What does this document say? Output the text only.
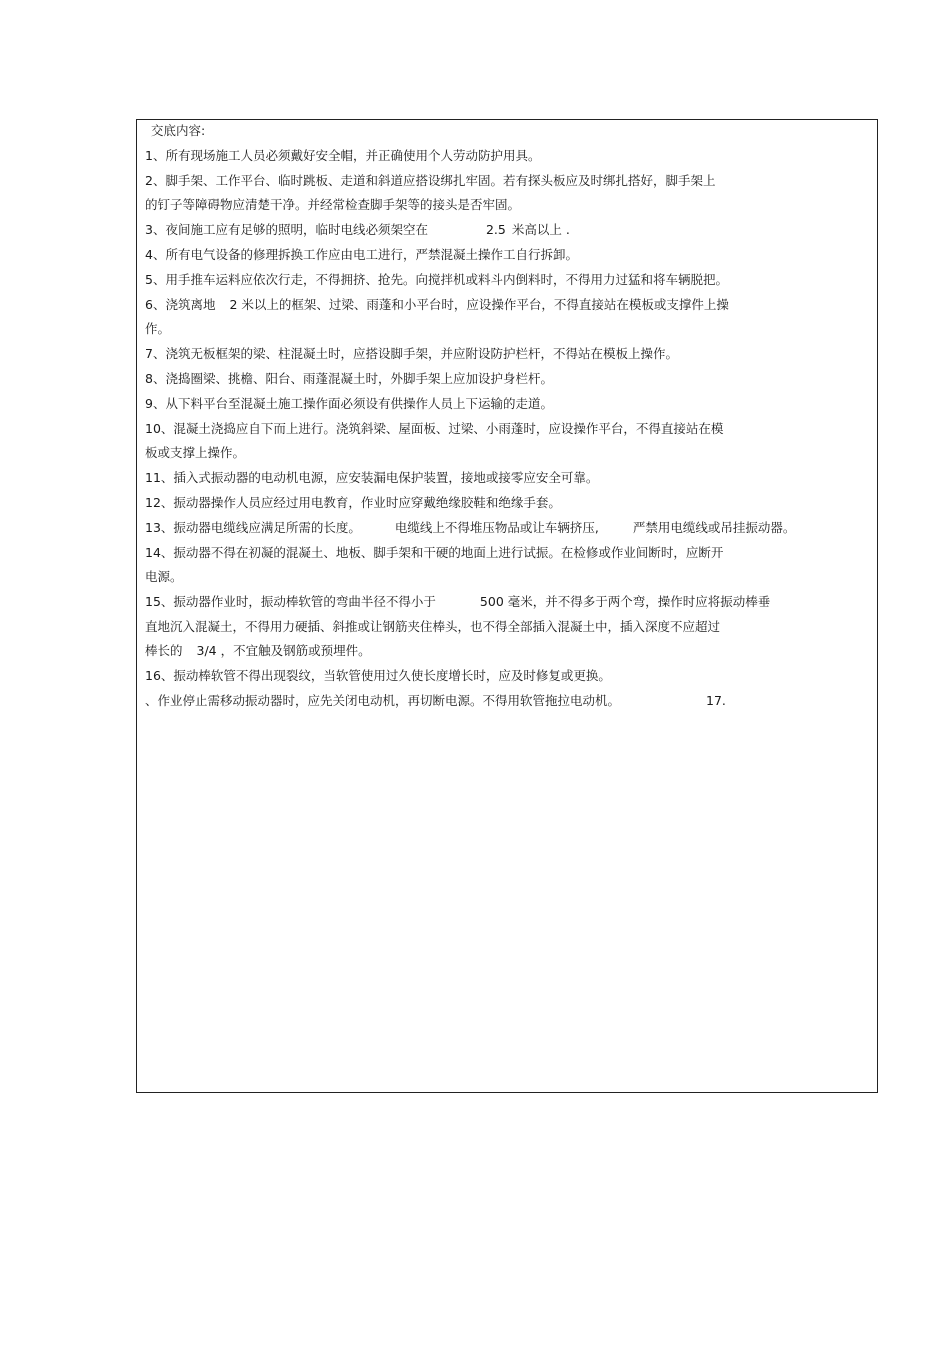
交底内容:
1、所有现场施工人员必须戴好安全帽，并正确使用个人劳动防护用具。
2、脚手架、工作平台、临时跳板、走道和斜道应搭设绑扎牢固。若有探头板应及时绑扎搭好，脚手架上
的钉子等障碍物应清楚干净。并经常检查脚手架等的接头是否牢固。
3、夜间施工应有足够的照明，临时电线必须架空在	2.5 米高以上 .
4、所有电气设备的修理拆换工作应由电工进行，严禁混凝土操作工自行拆卸。
5、用手推车运料应依次行走，不得拥挤、抢先。向搅拌机或料斗内倒料时，不得用力过猛和将车辆脱把。
6、浇筑离地 2 米以上的框架、过梁、雨蓬和小平台时，应设操作平台，不得直接站在模板或支撑件上操
作。
7、浇筑无板框架的梁、柱混凝土时，应搭设脚手架，并应附设防护栏杆，不得站在模板上操作。
8、浇捣圈梁、挑檐、阳台、雨蓬混凝土时，外脚手架上应加设护身栏杆。
9、从下料平台至混凝土施工操作面必须设有供操作人员上下运输的走道。
10、混凝土浇捣应自下而上进行。浇筑斜梁、屋面板、过梁、小雨蓬时，应设操作平台，不得直接站在模
板或支撑上操作。
11、插入式振动器的电动机电源，应安装漏电保护装置，接地或接零应安全可靠。
12、振动器操作人员应经过用电教育，作业时应穿戴绝缘胶鞋和绝缘手套。
13、振动器电缆线应满足所需的长度。	电缆线上不得堆压物品或让车辆挤压,	严禁用电缆线或吊挂振动器。
14、振动器不得在初凝的混凝土、地板、脚手架和干硬的地面上进行试振。在检修或作业间断时，应断开
电源。
15、振动器作业时，振动棒软管的弯曲半径不得小于	500 毫米，并不得多于两个弯，操作时应将振动棒垂
直地沉入混凝土，不得用力硬插、斜推或让钢筋夹住棒头，也不得全部插入混凝土中，插入深度不应超过
棒长的 3/4 ，不宜触及钢筋或预埋件。
16、振动棒软管不得出现裂纹，当软管使用过久使长度增长时，应及时修复或更换。
、作业停止需移动振动器时，应先关闭电动机，再切断电源。不得用软管拖拉电动机。	17.
